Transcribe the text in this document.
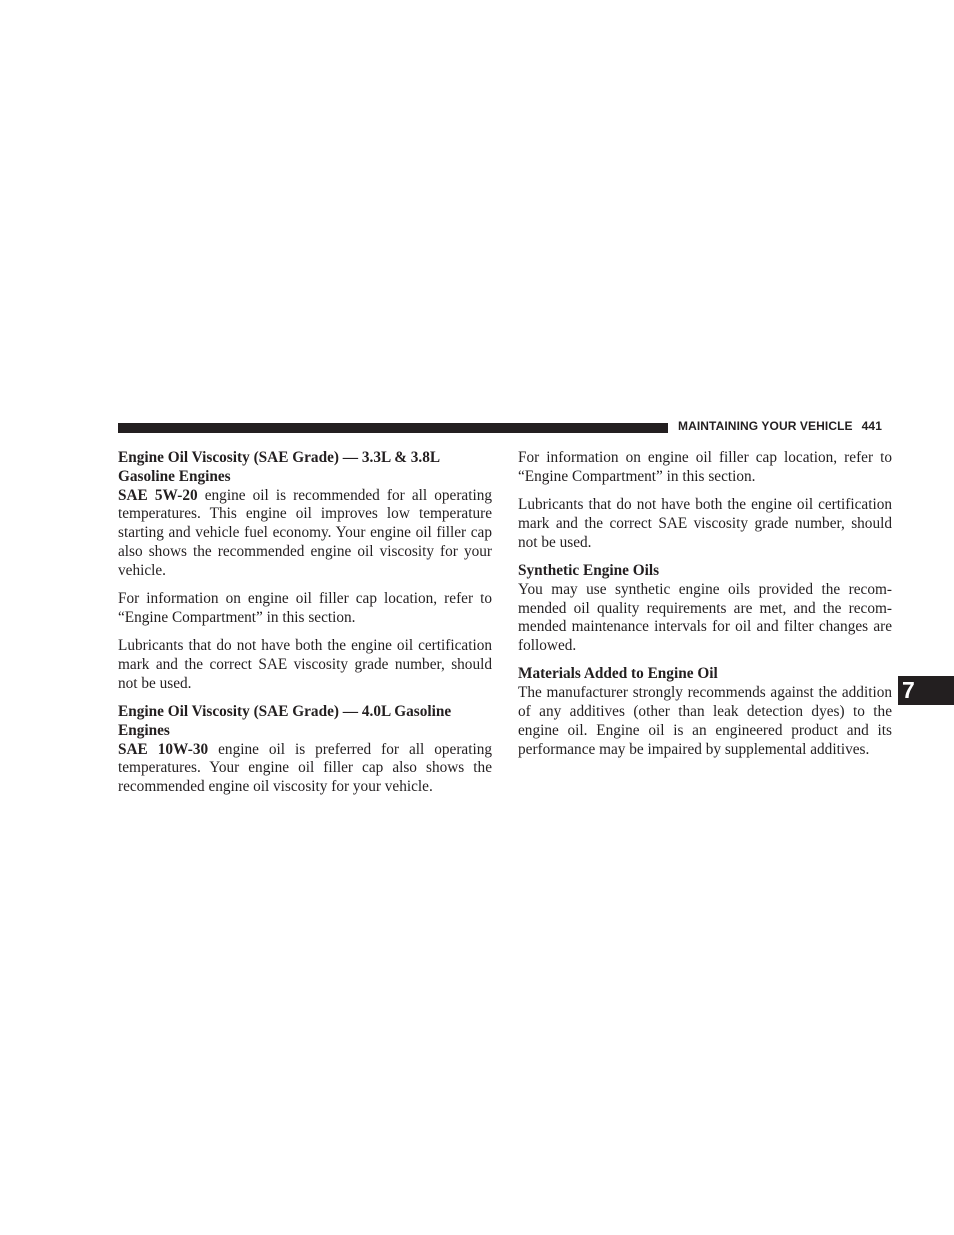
MAINTAINING YOUR VEHICLE 441
Engine Oil Viscosity (SAE Grade) — 3.3L & 3.8L Gasoline Engines

SAE 5W-20 engine oil is recommended for all operating temperatures. This engine oil improves low temperature starting and vehicle fuel economy. Your engine oil filler cap also shows the recommended engine oil viscosity for your vehicle.

For information on engine oil filler cap location, refer to “Engine Compartment” in this section.

Lubricants that do not have both the engine oil certification mark and the correct SAE viscosity grade number, should not be used.

Engine Oil Viscosity (SAE Grade) — 4.0L Gasoline Engines

SAE 10W-30 engine oil is preferred for all operating temperatures. Your engine oil filler cap also shows the recommended engine oil viscosity for your vehicle.

For information on engine oil filler cap location, refer to “Engine Compartment” in this section.

Lubricants that do not have both the engine oil certification mark and the correct SAE viscosity grade number, should not be used.

Synthetic Engine Oils

You may use synthetic engine oils provided the recommended oil quality requirements are met, and the recommended maintenance intervals for oil and filter changes are followed.

Materials Added to Engine Oil

The manufacturer strongly recommends against the addition of any additives (other than leak detection dyes) to the engine oil. Engine oil is an engineered product and its performance may be impaired by supplemental additives.

7
